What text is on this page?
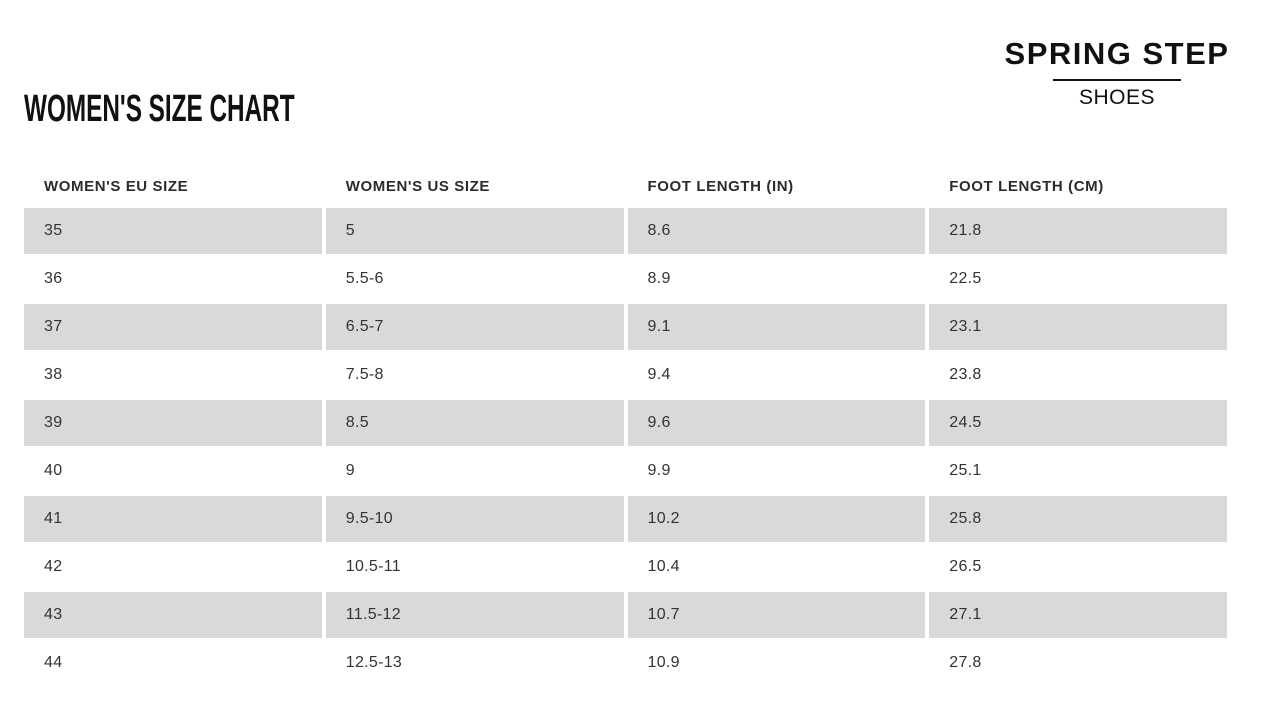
WOMEN'S SIZE CHART
SPRING STEP
SHOES
WOMEN'S EU SIZE	WOMEN'S US SIZE	FOOT LENGTH (IN)	FOOT LENGTH (CM)
35	5	8.6	21.8
36	5.5-6	8.9	22.5
37	6.5-7	9.1	23.1
38	7.5-8	9.4	23.8
39	8.5	9.6	24.5
40	9	9.9	25.1
41	9.5-10	10.2	25.8
42	10.5-11	10.4	26.5
43	11.5-12	10.7	27.1
44	12.5-13	10.9	27.8
